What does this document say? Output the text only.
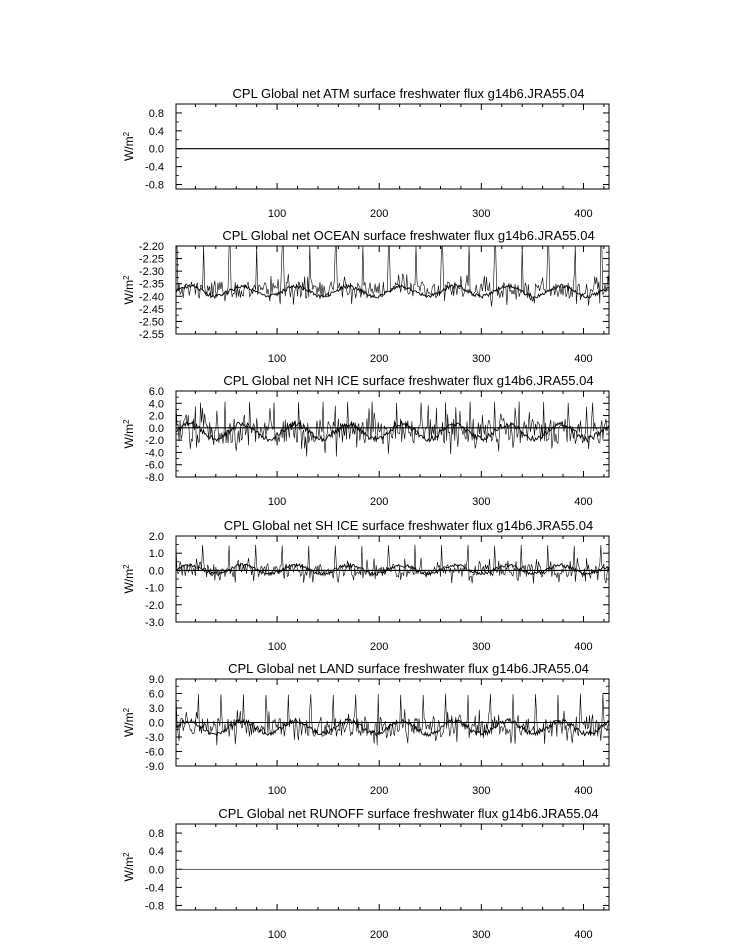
CPL Global net ATM surface freshwater flux g14b6.JRA55.04
$W/m^2$
0.8
0.4
0.0
-0.4
-0.8
100	200	300	400
CPL Global net OCEAN surface freshwater flux g14b6.JRA55.04
$W/m^2$
-2.20
-2.25
-2.30
-2.35
-2.40
-2.45
-2.50
-2.55
100	200	300	400
CPL Global net NH ICE surface freshwater flux g14b6.JRA55.04
$W/m^2$
6.0
4.0
2.0
0.0
-2.0
-4.0
-6.0
-8.0
100	200	300	400
CPL Global net SH ICE surface freshwater flux g14b6.JRA55.04
$W/m^2$
2.0
1.0
0.0
-1.0
-2.0
-3.0
100	200	300	400
CPL Global net LAND surface freshwater flux g14b6.JRA55.04
$W/m^2$
9.0
6.0
3.0
0.0
-3.0
-6.0
-9.0
100	200	300	400
CPL Global net RUNOFF surface freshwater flux g14b6.JRA55.04
$W/m^2$
0.8
0.4
0.0
-0.4
-0.8
100	200	300	400
